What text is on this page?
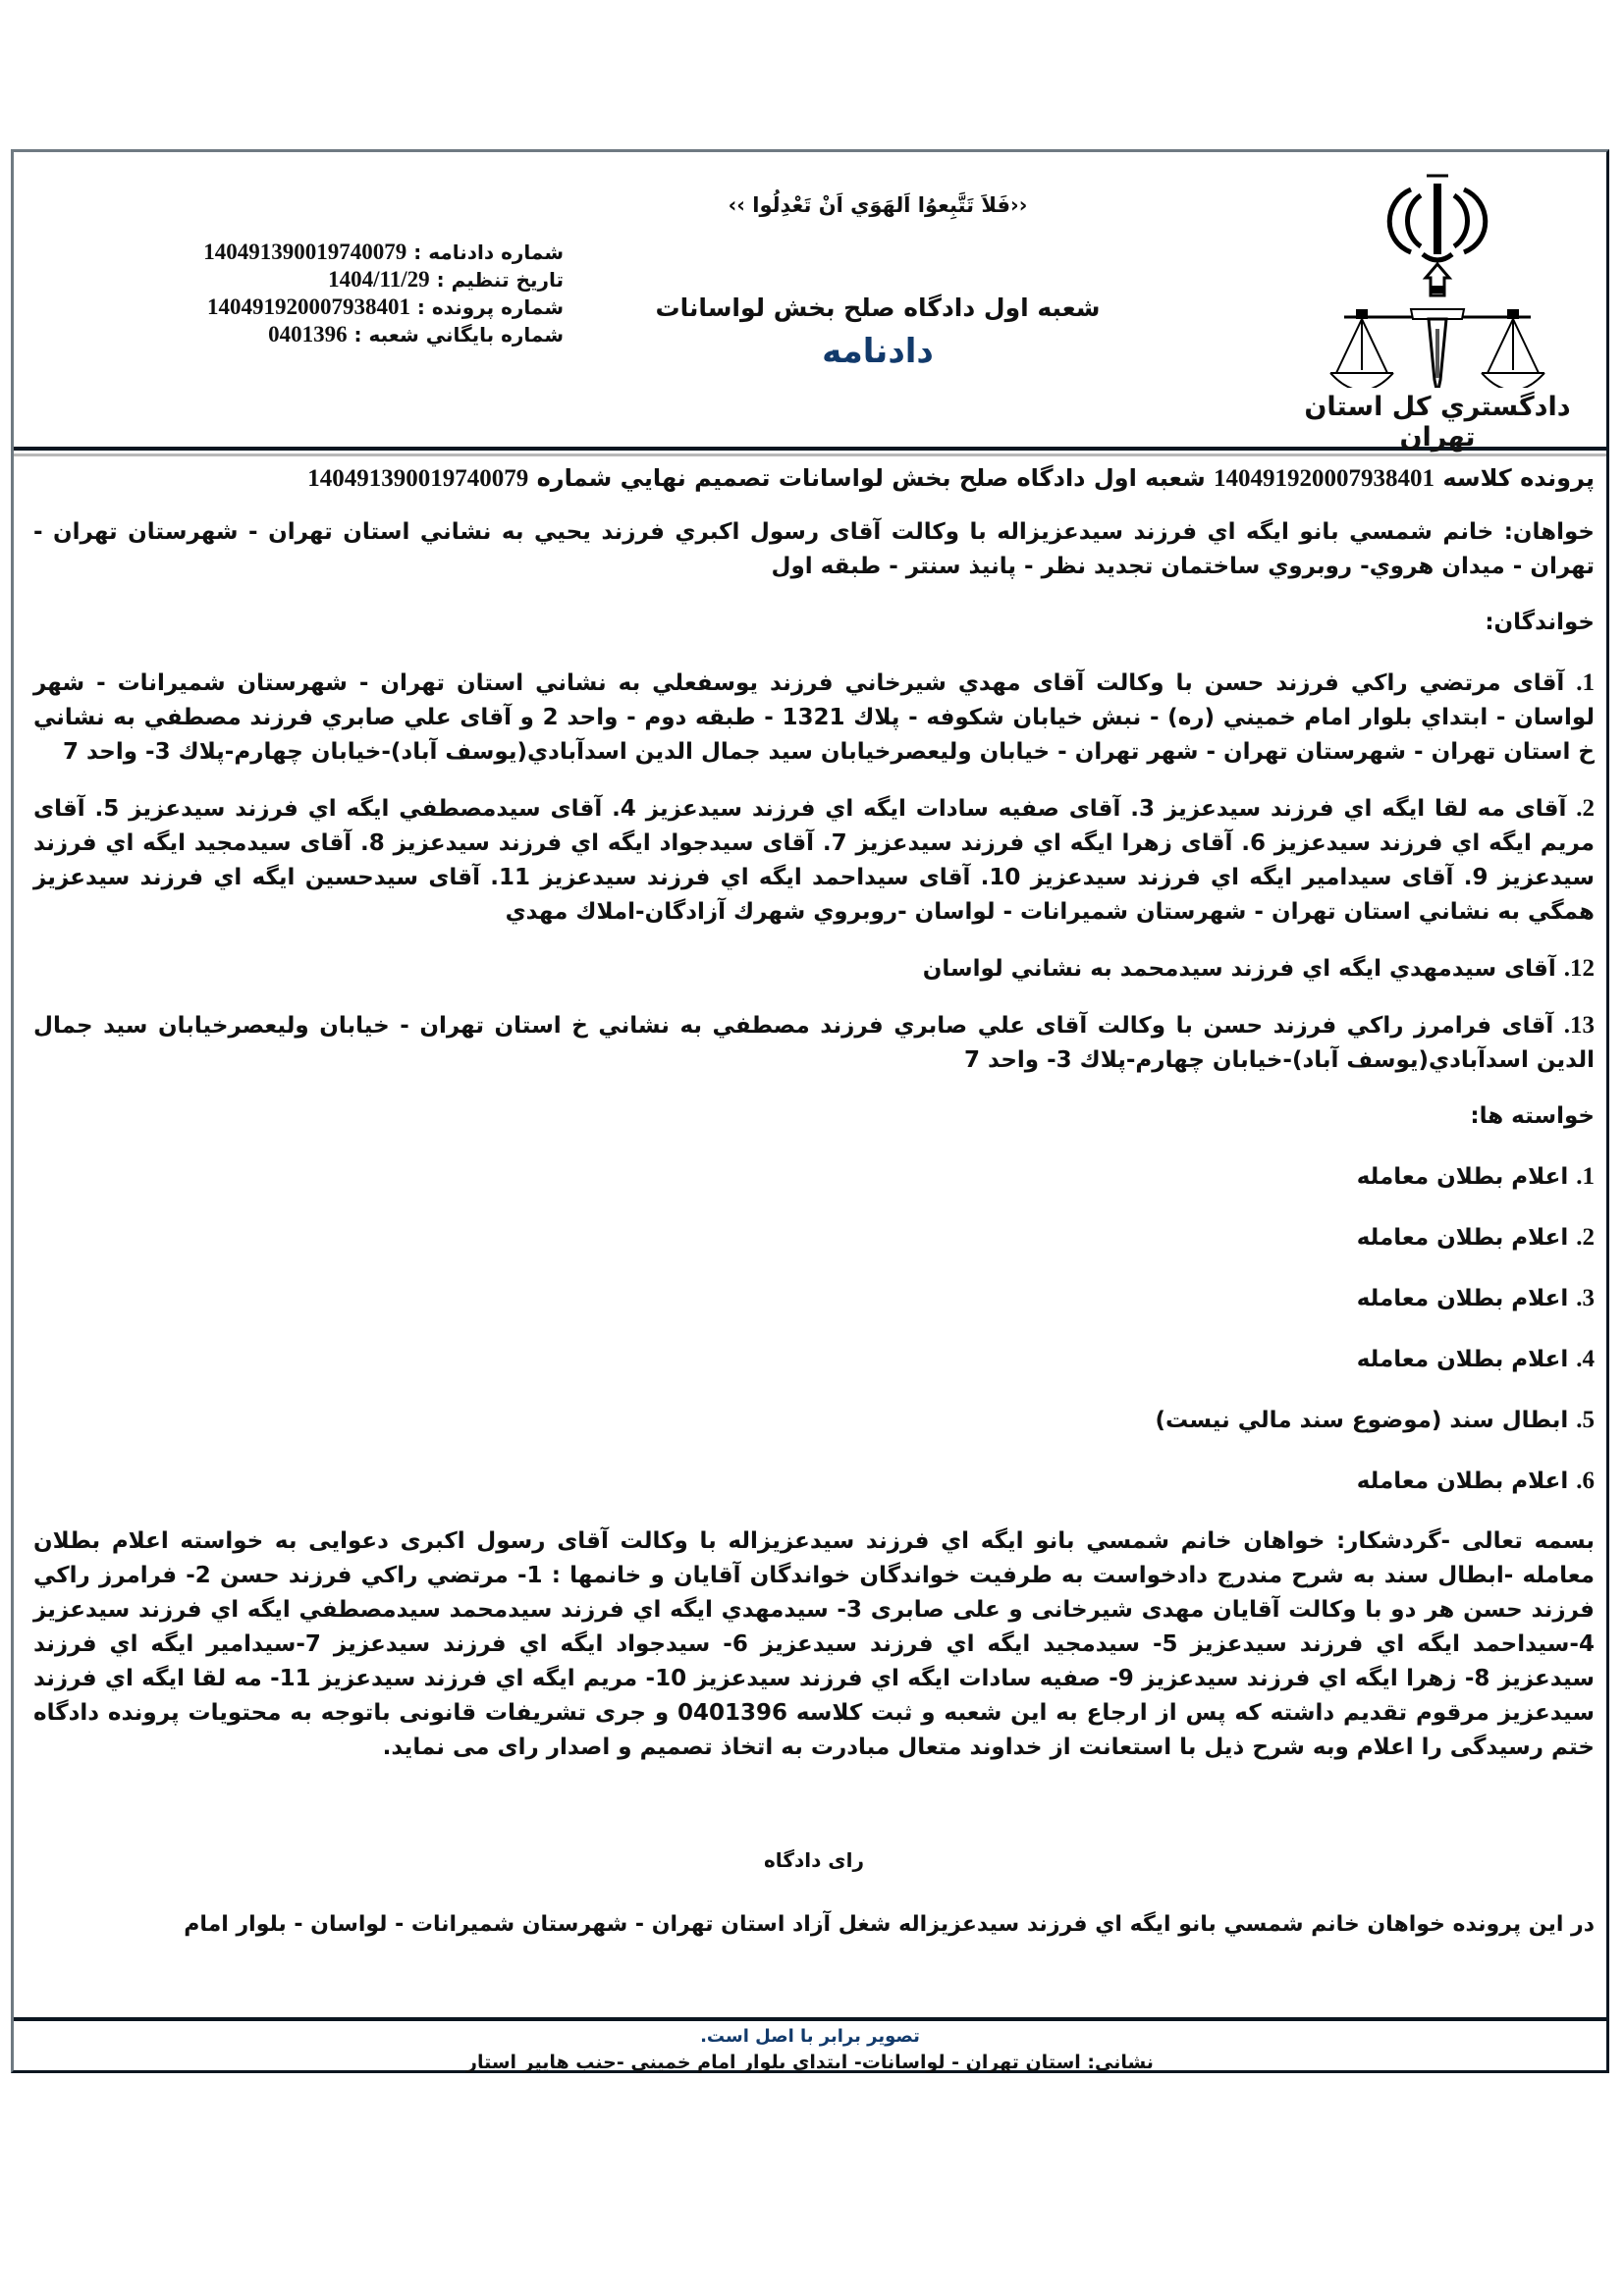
دادگستري کل استان تهران
‹‹فَلاَ تَتَّبِعوُا اَلهَوَي اَنْ تَعْدِلُوا ››
شعبه اول دادگاه صلح بخش لواسانات
دادنامه
شماره دادنامه : 140491390019740079
تاريخ تنظيم : 1404/11/29
شماره پرونده : 140491920007938401
شماره بايگاني شعبه : 0401396

پرونده کلاسه 140491920007938401 شعبه اول دادگاه صلح بخش لواسانات تصميم نهايي شماره 140491390019740079

خواهان: خانم شمسي بانو ايگه اي فرزند سيدعزيزاله با وکالت آقای رسول اکبري فرزند يحيي به نشاني استان تهران - شهرستان تهران - تهران - ميدان هروي- روبروي ساختمان تجديد نظر - پانيذ سنتر - طبقه اول

خواندگان:

1. آقای مرتضي راکي فرزند حسن با وکالت آقای مهدي شيرخاني فرزند يوسفعلي به نشاني استان تهران - شهرستان شميرانات - شهر لواسان - ابتداي بلوار امام خميني (ره) - نبش خيابان شکوفه - پلاك 1321 - طبقه دوم - واحد 2 و آقای علي صابري فرزند مصطفي به نشاني خ استان تهران - شهرستان تهران - شهر تهران - خيابان وليعصرخيابان سيد جمال الدين اسدآبادي(يوسف آباد)-خيابان چهارم-پلاك 3- واحد 7

2. آقای مه لقا ايگه اي فرزند سيدعزيز 3. آقای صفيه سادات ايگه اي فرزند سيدعزيز 4. آقای سيدمصطفي ايگه اي فرزند سيدعزيز 5. آقای مريم ايگه اي فرزند سيدعزيز 6. آقای زهرا ايگه اي فرزند سيدعزيز 7. آقای سيدجواد ايگه اي فرزند سيدعزيز 8. آقای سيدمجيد ايگه اي فرزند سيدعزيز 9. آقای سيدامير ايگه اي فرزند سيدعزيز 10. آقای سيداحمد ايگه اي فرزند سيدعزيز 11. آقای سيدحسين ايگه اي فرزند سيدعزيز همگي به نشاني استان تهران - شهرستان شميرانات - لواسان -روبروي شهرك آزادگان-املاك مهدي

12. آقای سيدمهدي ايگه اي فرزند سيدمحمد به نشاني لواسان

13. آقای فرامرز راکي فرزند حسن با وکالت آقای علي صابري فرزند مصطفي به نشاني خ استان تهران - خيابان وليعصرخيابان سيد جمال الدين اسدآبادي(يوسف آباد)-خيابان چهارم-پلاك 3- واحد 7

خواسته ها:

1. اعلام بطلان معامله

2. اعلام بطلان معامله

3. اعلام بطلان معامله

4. اعلام بطلان معامله

5. ابطال سند (موضوع سند مالي نيست)

6. اعلام بطلان معامله

بسمه تعالی -گردشکار: خواهان خانم شمسي بانو ايگه اي فرزند سيدعزيزاله با وکالت آقای رسول اکبری دعوایی به خواسته اعلام بطلان معامله -ابطال سند به شرح مندرج دادخواست به طرفيت خواندگان خواندگان آقايان و خانمها : 1- مرتضي راکي فرزند حسن 2- فرامرز راکي فرزند حسن هر دو با وکالت آقایان مهدی شيرخانی و علی صابری 3- سيدمهدي ايگه اي فرزند سيدمحمد سيدمصطفي ايگه اي فرزند سيدعزيز 4-سيداحمد ايگه اي فرزند سيدعزيز 5- سيدمجيد ايگه اي فرزند سيدعزيز 6- سيدجواد ايگه اي فرزند سيدعزيز 7-سيدامير ايگه اي فرزند سيدعزيز 8- زهرا ايگه اي فرزند سيدعزيز 9- صفيه سادات ايگه اي فرزند سيدعزيز 10- مريم ايگه اي فرزند سيدعزيز 11- مه لقا ايگه اي فرزند سيدعزيز مرقوم تقديم داشته که پس از ارجاع به اين شعبه و ثبت کلاسه 0401396 و جری تشريفات قانونی باتوجه به محتويات پرونده دادگاه ختم رسيدگی را اعلام وبه شرح ذيل با استعانت از خداوند متعال مبادرت به اتخاذ تصميم و اصدار رای می نمايد.

رای دادگاه

در اين پرونده خواهان خانم شمسي بانو ايگه اي فرزند سيدعزيزاله شغل آزاد استان تهران - شهرستان شميرانات - لواسان - بلوار امام

تصوير برابر با اصل است.
نشاني: استان تهران - لواسانات- ابتداي بلوار امام خميني -جنب هايپر استار
